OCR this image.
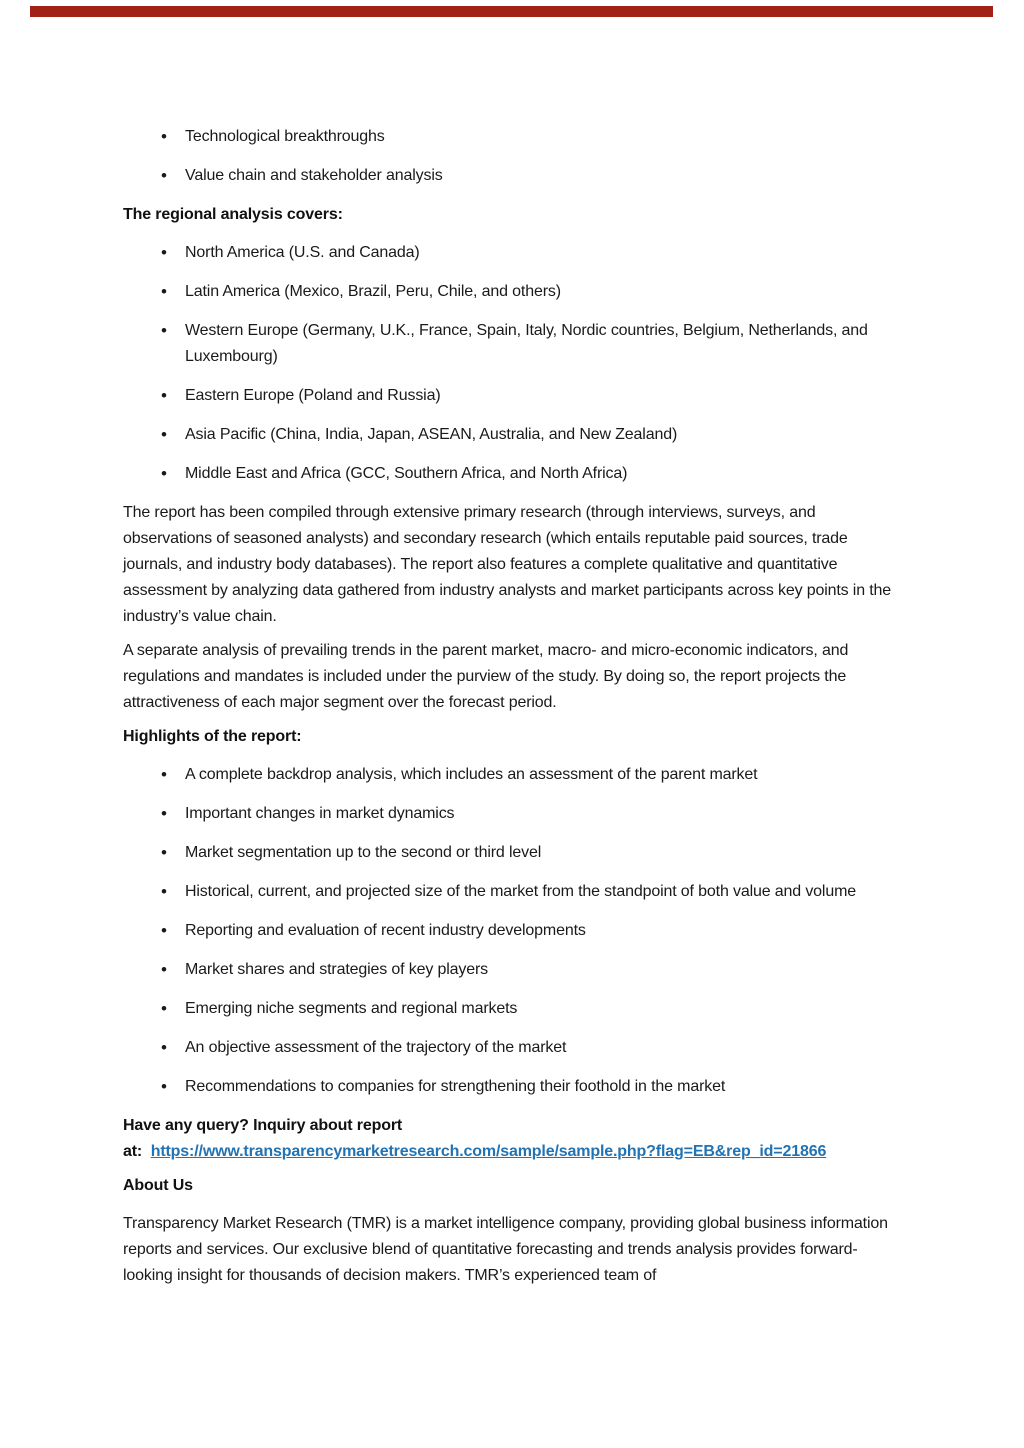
• Technological breakthroughs
• Value chain and stakeholder analysis
The regional analysis covers:
• North America (U.S. and Canada)
• Latin America (Mexico, Brazil, Peru, Chile, and others)
• Western Europe (Germany, U.K., France, Spain, Italy, Nordic countries, Belgium, Netherlands, and Luxembourg)
• Eastern Europe (Poland and Russia)
• Asia Pacific (China, India, Japan, ASEAN, Australia, and New Zealand)
• Middle East and Africa (GCC, Southern Africa, and North Africa)

The report has been compiled through extensive primary research (through interviews, surveys, and observations of seasoned analysts) and secondary research (which entails reputable paid sources, trade journals, and industry body databases). The report also features a complete qualitative and quantitative assessment by analyzing data gathered from industry analysts and market participants across key points in the industry’s value chain.

A separate analysis of prevailing trends in the parent market, macro- and micro-economic indicators, and regulations and mandates is included under the purview of the study. By doing so, the report projects the attractiveness of each major segment over the forecast period.

Highlights of the report:
• A complete backdrop analysis, which includes an assessment of the parent market
• Important changes in market dynamics
• Market segmentation up to the second or third level
• Historical, current, and projected size of the market from the standpoint of both value and volume
• Reporting and evaluation of recent industry developments
• Market shares and strategies of key players
• Emerging niche segments and regional markets
• An objective assessment of the trajectory of the market
• Recommendations to companies for strengthening their foothold in the market
Have any query? Inquiry about report
at: https://www.transparencymarketresearch.com/sample/sample.php?flag=EB&rep_id=21866
About Us

Transparency Market Research (TMR) is a market intelligence company, providing global business information reports and services. Our exclusive blend of quantitative forecasting and trends analysis provides forward-looking insight for thousands of decision makers. TMR’s experienced team of
